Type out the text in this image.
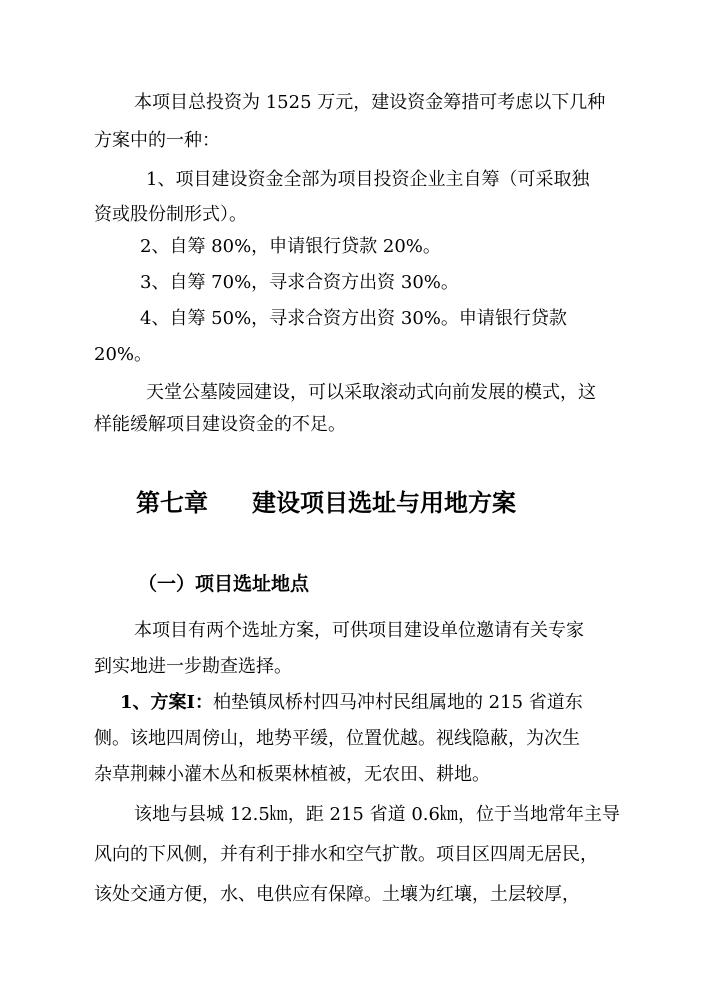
本项目总投资为 1525 万元，建设资金筹措可考虑以下几种
方案中的一种：
1、项目建设资金全部为项目投资企业主自筹（可采取独
资或股份制形式）。
2、自筹 80%，申请银行贷款 20%。
3、自筹 70%，寻求合资方出资 30%。
4、自筹 50%，寻求合资方出资 30%。申请银行贷款
20%。
天堂公墓陵园建设，可以采取滚动式向前发展的模式，这
样能缓解项目建设资金的不足。
第七章 建设项目选址与用地方案
（一）项目选址地点
本项目有两个选址方案，可供项目建设单位邀请有关专家
到实地进一步勘查选择。
1、方案Ⅰ：柏垫镇凤桥村四马冲村民组属地的 215 省道东
侧。该地四周傍山，地势平缓，位置优越。视线隐蔽，为次生
杂草荆棘小灌木丛和板栗林植被，无农田、耕地。
该地与县城 12.5㎞，距 215 省道 0.6㎞，位于当地常年主导
风向的下风侧，并有利于排水和空气扩散。项目区四周无居民，
该处交通方便，水、电供应有保障。土壤为红壤，土层较厚，
